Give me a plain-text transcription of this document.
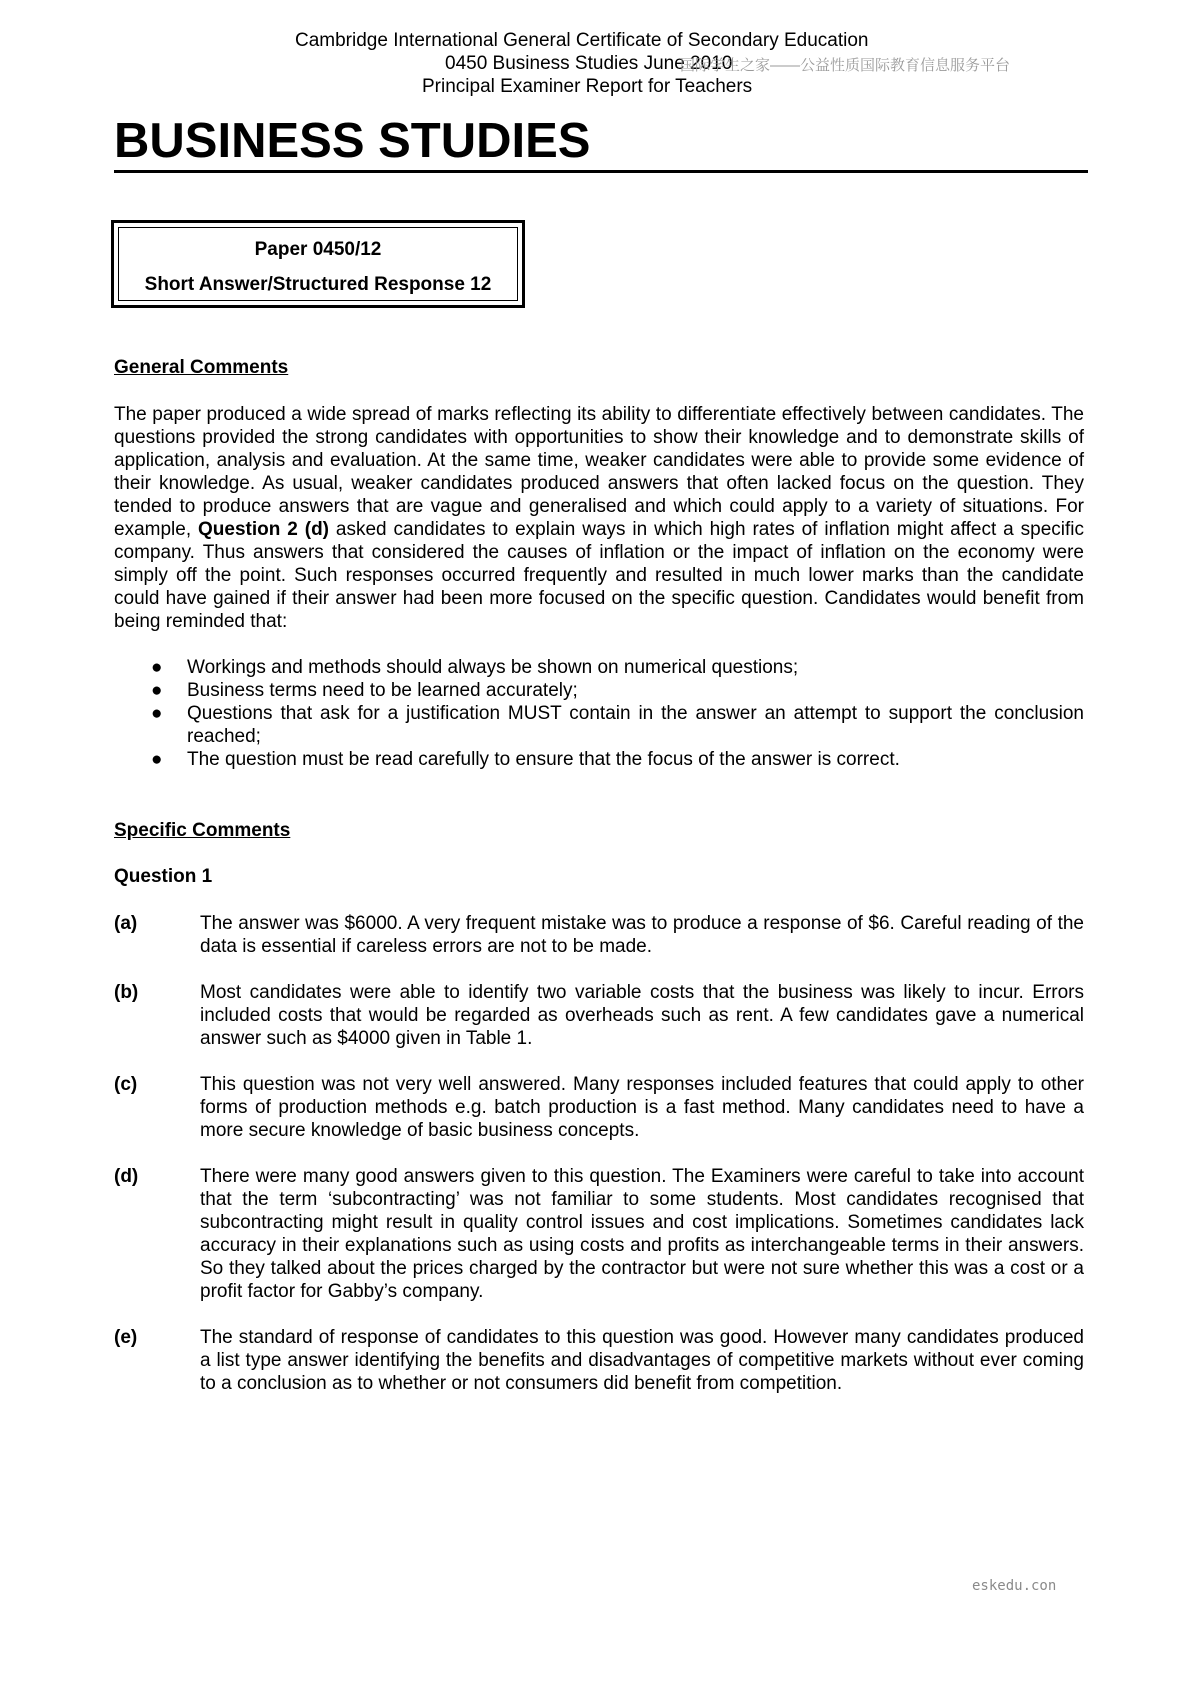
Cambridge International General Certificate of Secondary Education
0450 Business Studies June 2010
Principal Examiner Report for Teachers
国际学生之家——公益性质国际教育信息服务平台
BUSINESS STUDIES
Paper 0450/12
Short Answer/Structured Response 12
General Comments

The paper produced a wide spread of marks reflecting its ability to differentiate effectively between candidates. The questions provided the strong candidates with opportunities to show their knowledge and to demonstrate skills of application, analysis and evaluation. At the same time, weaker candidates were able to provide some evidence of their knowledge. As usual, weaker candidates produced answers that often lacked focus on the question. They tended to produce answers that are vague and generalised and which could apply to a variety of situations. For example, Question 2 (d) asked candidates to explain ways in which high rates of inflation might affect a specific company. Thus answers that considered the causes of inflation or the impact of inflation on the economy were simply off the point. Such responses occurred frequently and resulted in much lower marks than the candidate could have gained if their answer had been more focused on the specific question. Candidates would benefit from being reminded that:

● Workings and methods should always be shown on numerical questions;
● Business terms need to be learned accurately;
● Questions that ask for a justification MUST contain in the answer an attempt to support the conclusion reached;
● The question must be read carefully to ensure that the focus of the answer is correct.
Specific Comments
Question 1
(a)	The answer was $6000. A very frequent mistake was to produce a response of $6. Careful reading of the data is essential if careless errors are not to be made.

(b)	Most candidates were able to identify two variable costs that the business was likely to incur. Errors included costs that would be regarded as overheads such as rent. A few candidates gave a numerical answer such as $4000 given in Table 1.

(c)	This question was not very well answered. Many responses included features that could apply to other forms of production methods e.g. batch production is a fast method. Many candidates need to have a more secure knowledge of basic business concepts.

(d)	There were many good answers given to this question. The Examiners were careful to take into account that the term ‘subcontracting’ was not familiar to some students. Most candidates recognised that subcontracting might result in quality control issues and cost implications. Sometimes candidates lack accuracy in their explanations such as using costs and profits as interchangeable terms in their answers. So they talked about the prices charged by the contractor but were not sure whether this was a cost or a profit factor for Gabby’s company.

(e)	The standard of response of candidates to this question was good. However many candidates produced a list type answer identifying the benefits and disadvantages of competitive markets without ever coming to a conclusion as to whether or not consumers did benefit from competition.

eskedu.con
